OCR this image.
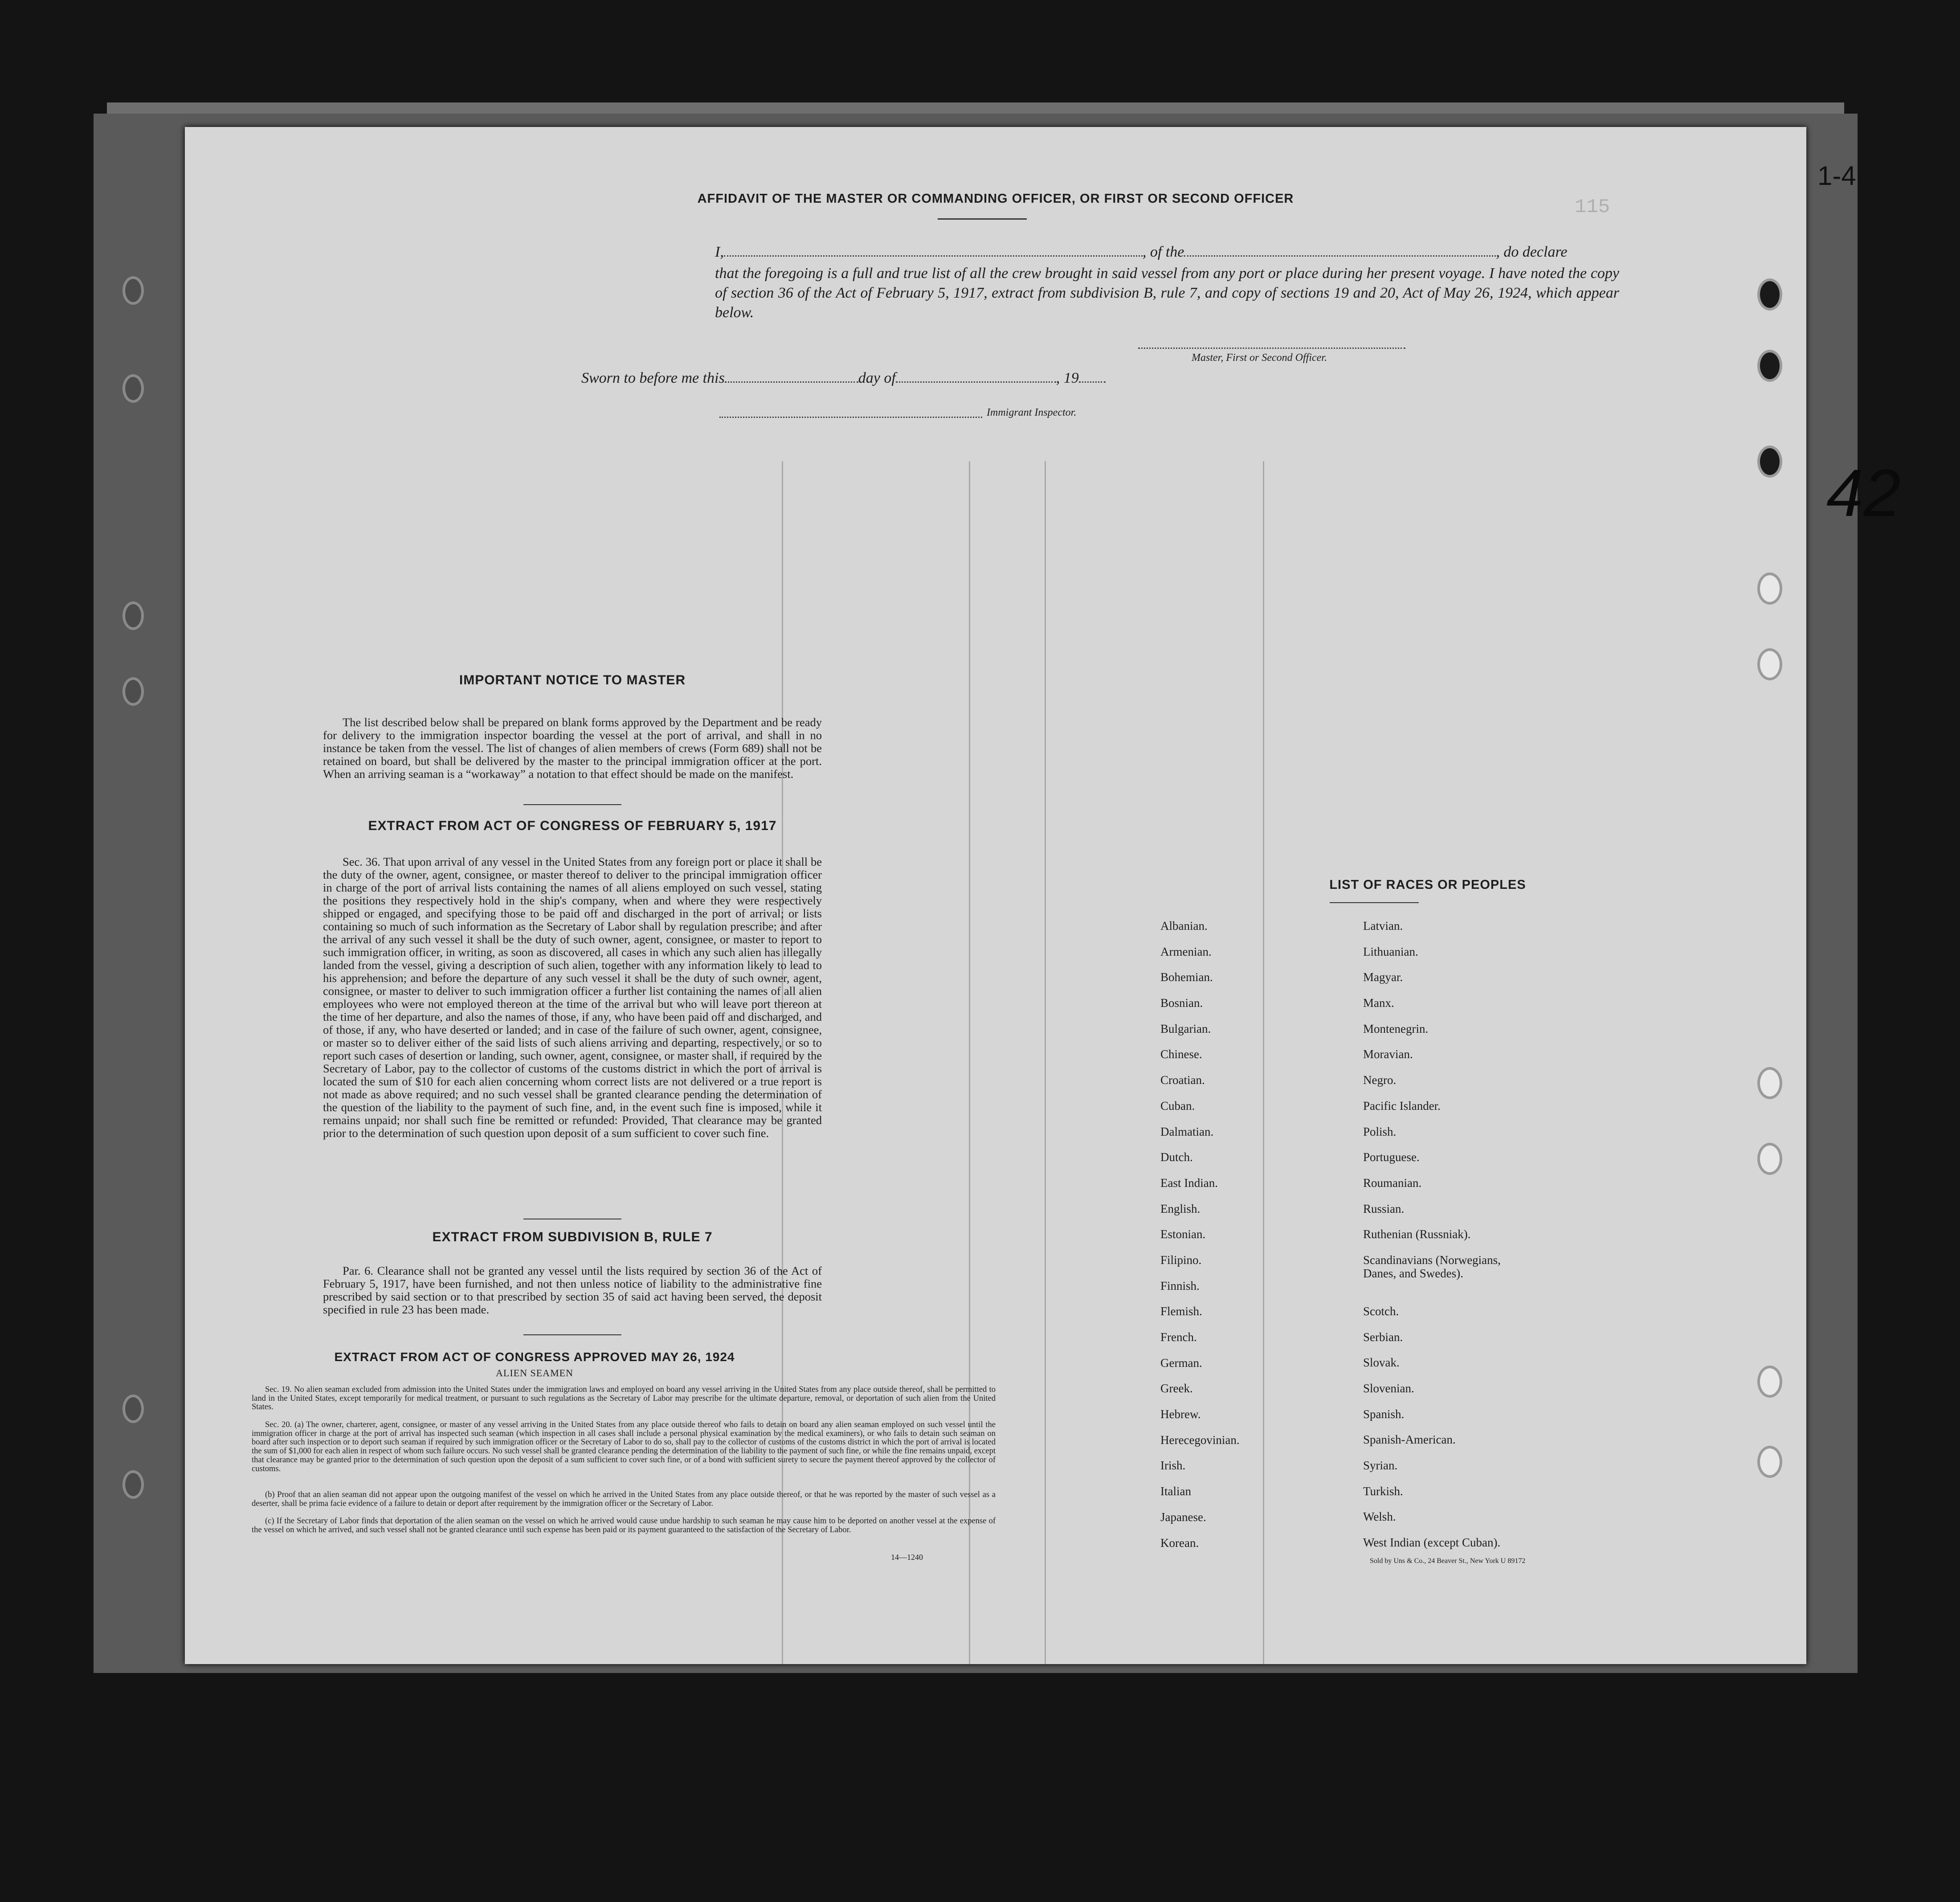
1-4
42
115
AFFIDAVIT OF THE MASTER OR COMMANDING OFFICER, OR FIRST OR SECOND OFFICER
I,	, of the	, do declare
that the foregoing is a full and true list of all the crew brought in said vessel from any port or place during her present voyage. I have noted the copy of section 36 of the Act of February 5, 1917, extract from subdivision B, rule 7, and copy of sections 19 and 20, Act of May 26, 1924, which appear below.
Master, First or Second Officer.
Sworn to before me this	day of	, 19
Immigrant Inspector.
IMPORTANT NOTICE TO MASTER
The list described below shall be prepared on blank forms approved by the Department and be ready for delivery to the immigration inspector boarding the vessel at the port of arrival, and shall in no instance be taken from the vessel. The list of changes of alien members of crews (Form 689) shall not be retained on board, but shall be delivered by the master to the principal immigration officer at the port. When an arriving seaman is a “workaway” a notation to that effect should be made on the manifest.
EXTRACT FROM ACT OF CONGRESS OF FEBRUARY 5, 1917
Sec. 36. That upon arrival of any vessel in the United States from any foreign port or place it shall be the duty of the owner, agent, consignee, or master thereof to deliver to the principal immigration officer in charge of the port of arrival lists containing the names of all aliens employed on such vessel, stating the positions they respectively hold in the ship's company, when and where they were respectively shipped or engaged, and specifying those to be paid off and discharged in the port of arrival; or lists containing so much of such information as the Secretary of Labor shall by regulation prescribe; and after the arrival of any such vessel it shall be the duty of such owner, agent, consignee, or master to report to such immigration officer, in writing, as soon as discovered, all cases in which any such alien has illegally landed from the vessel, giving a description of such alien, together with any information likely to lead to his apprehension; and before the departure of any such vessel it shall be the duty of such owner, agent, consignee, or master to deliver to such immigration officer a further list containing the names of all alien employees who were not employed thereon at the time of the arrival but who will leave port thereon at the time of her departure, and also the names of those, if any, who have been paid off and discharged, and of those, if any, who have deserted or landed; and in case of the failure of such owner, agent, consignee, or master so to deliver either of the said lists of such aliens arriving and departing, respectively, or so to report such cases of desertion or landing, such owner, agent, consignee, or master shall, if required by the Secretary of Labor, pay to the collector of customs of the customs district in which the port of arrival is located the sum of $10 for each alien concerning whom correct lists are not delivered or a true report is not made as above required; and no such vessel shall be granted clearance pending the determination of the question of the liability to the payment of such fine, and, in the event such fine is imposed, while it remains unpaid; nor shall such fine be remitted or refunded: Provided, That clearance may be granted prior to the determination of such question upon deposit of a sum sufficient to cover such fine.
EXTRACT FROM SUBDIVISION B, RULE 7
Par. 6. Clearance shall not be granted any vessel until the lists required by section 36 of the Act of February 5, 1917, have been furnished, and not then unless notice of liability to the administrative fine prescribed by said section or to that prescribed by section 35 of said act having been served, the deposit specified in rule 23 has been made.
EXTRACT FROM ACT OF CONGRESS APPROVED MAY 26, 1924
ALIEN SEAMEN
Sec. 19. No alien seaman excluded from admission into the United States under the immigration laws and employed on board any vessel arriving in the United States from any place outside thereof, shall be permitted to land in the United States, except temporarily for medical treatment, or pursuant to such regulations as the Secretary of Labor may prescribe for the ultimate departure, removal, or deportation of such alien from the United States.
Sec. 20. (a) The owner, charterer, agent, consignee, or master of any vessel arriving in the United States from any place outside thereof who fails to detain on board any alien seaman employed on such vessel until the immigration officer in charge at the port of arrival has inspected such seaman (which inspection in all cases shall include a personal physical examination by the medical examiners), or who fails to detain such seaman on board after such inspection or to deport such seaman if required by such immigration officer or the Secretary of Labor to do so, shall pay to the collector of customs of the customs district in which the port of arrival is located the sum of $1,000 for each alien in respect of whom such failure occurs. No such vessel shall be granted clearance pending the determination of the liability to the payment of such fine, or while the fine remains unpaid, except that clearance may be granted prior to the determination of such question upon the deposit of a sum sufficient to cover such fine, or of a bond with sufficient surety to secure the payment thereof approved by the collector of customs.
(b) Proof that an alien seaman did not appear upon the outgoing manifest of the vessel on which he arrived in the United States from any place outside thereof, or that he was reported by the master of such vessel as a deserter, shall be prima facie evidence of a failure to detain or deport after requirement by the immigration officer or the Secretary of Labor.
(c) If the Secretary of Labor finds that deportation of the alien seaman on the vessel on which he arrived would cause undue hardship to such seaman he may cause him to be deported on another vessel at the expense of the vessel on which he arrived, and such vessel shall not be granted clearance until such expense has been paid or its payment guaranteed to the satisfaction of the Secretary of Labor.
14—1240
LIST OF RACES OR PEOPLES
Albanian.
Armenian.
Bohemian.
Bosnian.
Bulgarian.
Chinese.
Croatian.
Cuban.
Dalmatian.
Dutch.
East Indian.
English.
Estonian.
Filipino.
Finnish.
Flemish.
French.
German.
Greek.
Hebrew.
Herecegovinian.
Irish.
Italian
Japanese.
Korean.
Latvian.
Lithuanian.
Magyar.
Manx.
Montenegrin.
Moravian.
Negro.
Pacific Islander.
Polish.
Portuguese.
Roumanian.
Russian.
Ruthenian (Russniak).
Scandinavians (Norwegians, Danes, and Swedes).
Scotch.
Serbian.
Slovak.
Slovenian.
Spanish.
Spanish-American.
Syrian.
Turkish.
Welsh.
West Indian (except Cuban).
Sold by Uns & Co., 24 Beaver St., New York U 89172
